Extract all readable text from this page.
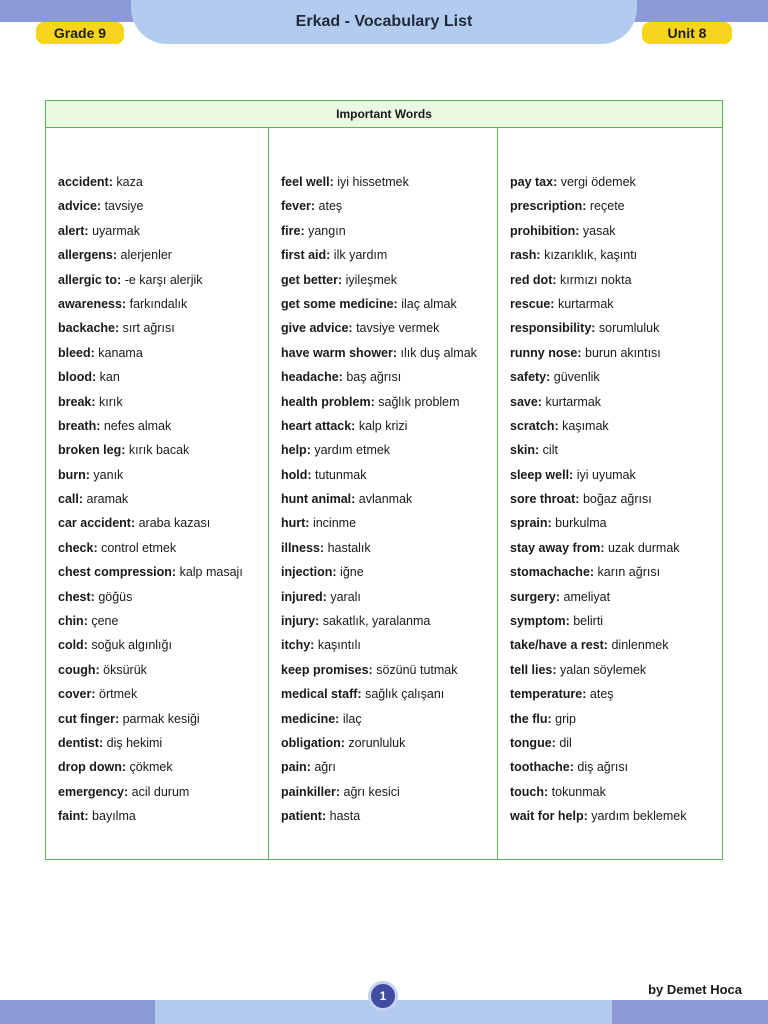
Erkad - Vocabulary List
Grade 9	Unit 8
Important Words
accident: kaza
advice: tavsiye
alert: uyarmak
allergens: alerjenler
allergic to: -e karşı alerjik
awareness: farkındalık
backache: sırt ağrısı
bleed: kanama
blood: kan
break: kırık
breath: nefes almak
broken leg: kırık bacak
burn: yanık
call: aramak
car accident: araba kazası
check: control etmek
chest compression: kalp masajı
chest: göğüs
chin: çene
cold: soğuk algınlığı
cough: öksürük
cover: örtmek
cut finger: parmak kesiği
dentist: diş hekimi
drop down: çökmek
emergency: acil durum
faint: bayılma
feel well: iyi hissetmek
fever: ateş
fire: yangın
first aid: ilk yardım
get better: iyileşmek
get some medicine: ilaç almak
give advice: tavsiye vermek
have warm shower: ılık duş almak
headache: baş ağrısı
health problem: sağlık problem
heart attack: kalp krizi
help: yardım etmek
hold: tutunmak
hunt animal: avlanmak
hurt: incinme
illness: hastalık
injection: iğne
injured: yaralı
injury: sakatlık, yaralanma
itchy: kaşıntılı
keep promises: sözünü tutmak
medical staff: sağlık çalışanı
medicine: ilaç
obligation: zorunluluk
pain: ağrı
painkiller: ağrı kesici
patient: hasta
pay tax: vergi ödemek
prescription: reçete
prohibition: yasak
rash: kızarıklık, kaşıntı
red dot: kırmızı nokta
rescue: kurtarmak
responsibility: sorumluluk
runny nose: burun akıntısı
safety: güvenlik
save: kurtarmak
scratch: kaşımak
skin: cilt
sleep well: iyi uyumak
sore throat: boğaz ağrısı
sprain: burkulma
stay away from: uzak durmak
stomachache: karın ağrısı
surgery: ameliyat
symptom: belirti
take/have a rest: dinlenmek
tell lies: yalan söylemek
temperature: ateş
the flu: grip
tongue: dil
toothache: diş ağrısı
touch: tokunmak
wait for help: yardım beklemek
1	by Demet Hoca
